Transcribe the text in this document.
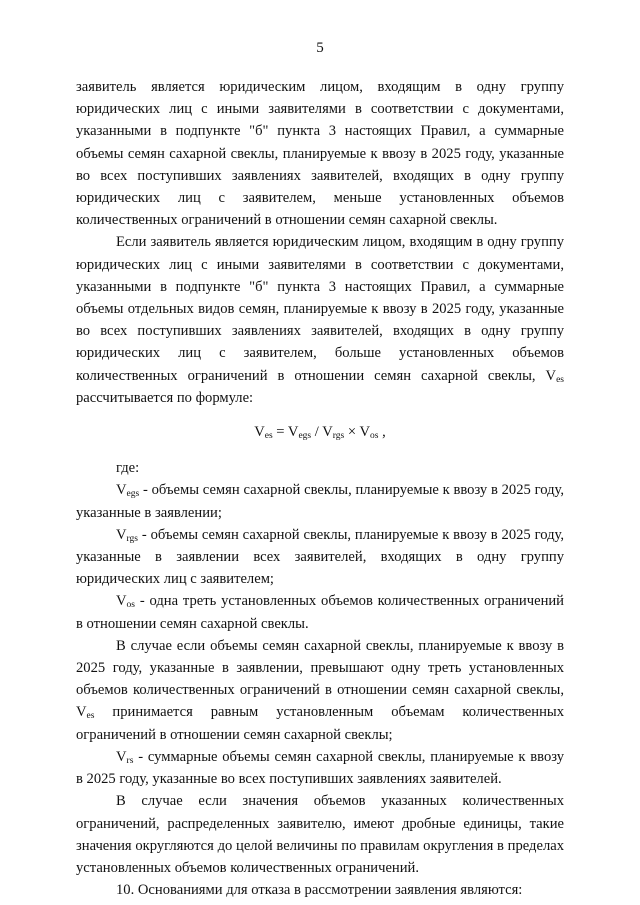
5

заявитель является юридическим лицом, входящим в одну группу юридических лиц с иными заявителями в соответствии с документами, указанными в подпункте "б" пункта 3 настоящих Правил, а суммарные объемы семян сахарной свеклы, планируемые к ввозу в 2025 году, указанные во всех поступивших заявлениях заявителей, входящих в одну группу юридических лиц с заявителем, меньше установленных объемов количественных ограничений в отношении семян сахарной свеклы.

Если заявитель является юридическим лицом, входящим в одну группу юридических лиц с иными заявителями в соответствии с документами, указанными в подпункте "б" пункта 3 настоящих Правил, а суммарные объемы отдельных видов семян, планируемые к ввозу в 2025 году, указанные во всех поступивших заявлениях заявителей, входящих в одну группу юридических лиц с заявителем, больше установленных объемов количественных ограничений в отношении семян сахарной свеклы, $V_{es}$ рассчитывается по формуле:

$V_{es} = V_{egs} / V_{rgs} \times V_{os}$ ,

где:

$V_{egs}$ - объемы семян сахарной свеклы, планируемые к ввозу в 2025 году, указанные в заявлении;

$V_{rgs}$ - объемы семян сахарной свеклы, планируемые к ввозу в 2025 году, указанные в заявлении всех заявителей, входящих в одну группу юридических лиц с заявителем;

$V_{os}$ - одна треть установленных объемов количественных ограничений в отношении семян сахарной свеклы.

В случае если объемы семян сахарной свеклы, планируемые к ввозу в 2025 году, указанные в заявлении, превышают одну треть установленных объемов количественных ограничений в отношении семян сахарной свеклы, $V_{es}$ принимается равным установленным объемам количественных ограничений в отношении семян сахарной свеклы;

$V_{rs}$ - суммарные объемы семян сахарной свеклы, планируемые к ввозу в 2025 году, указанные во всех поступивших заявлениях заявителей.

В случае если значения объемов указанных количественных ограничений, распределенных заявителю, имеют дробные единицы, такие значения округляются до целой величины по правилам округления в пределах установленных объемов количественных ограничений.

10. Основаниями для отказа в рассмотрении заявления являются:
